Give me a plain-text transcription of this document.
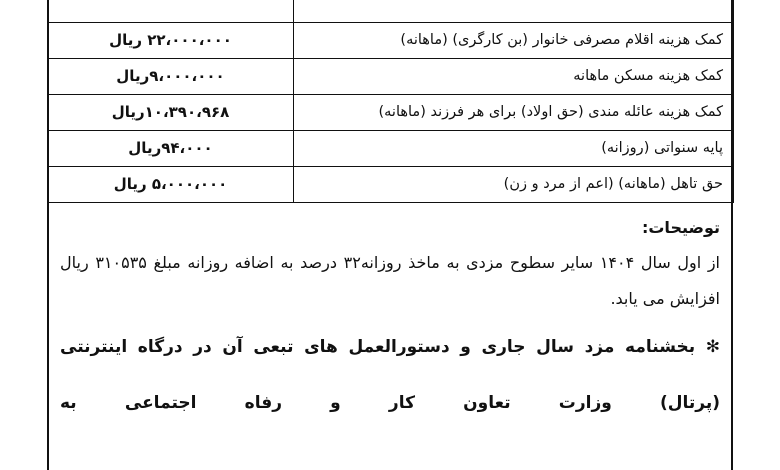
کمک هزینه اقلام مصرفی خانوار (بن کارگری) (ماهانه)	۲۲،۰۰۰،۰۰۰ ریال
کمک هزینه مسکن ماهانه	۹،۰۰۰،۰۰۰ریال
کمک هزینه عائله مندی (حق اولاد) برای هر فرزند (ماهانه)	۱۰،۳۹۰،۹۶۸ریال
پایه سنواتی (روزانه)	۹۴،۰۰۰ریال
حق تاهل (ماهانه) (اعم از مرد و زن)	۵،۰۰۰،۰۰۰ ریال
توضیحات:

از اول سال ۱۴۰۴ سایر سطوح مزدی به ماخذ روزانه۳۲ درصد به اضافه روزانه مبلغ ۳۱۰۵۳۵ ریال افزایش می یابد.

✻ بخشنامه مزد سال جاری و دستورالعمل های تبعی آن در درگاه اینترنتی (پرتال) وزارت تعاون کار و رفاه اجتماعی به
